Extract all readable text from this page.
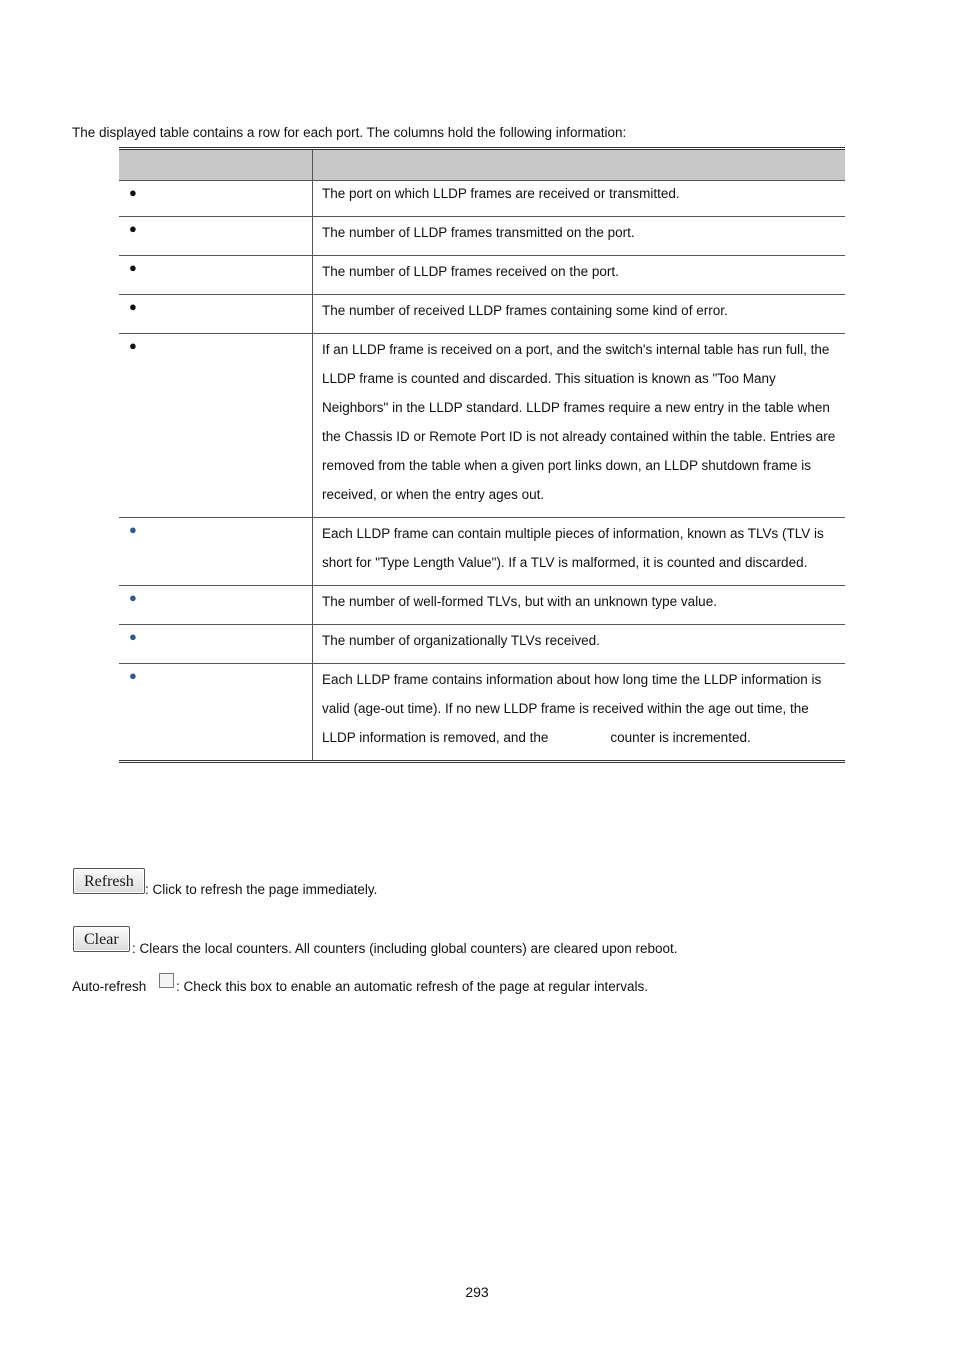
The displayed table contains a row for each port. The columns hold the following information:

●	The port on which LLDP frames are received or transmitted.

●	The number of LLDP frames transmitted on the port.

●	The number of LLDP frames received on the port.

●	The number of received LLDP frames containing some kind of error.

●	If an LLDP frame is received on a port, and the switch's internal table has run full, the LLDP frame is counted and discarded. This situation is known as "Too Many Neighbors" in the LLDP standard. LLDP frames require a new entry in the table when the Chassis ID or Remote Port ID is not already contained within the table. Entries are removed from the table when a given port links down, an LLDP shutdown frame is received, or when the entry ages out.

●	Each LLDP frame can contain multiple pieces of information, known as TLVs (TLV is short for "Type Length Value"). If a TLV is malformed, it is counted and discarded.

●	The number of well-formed TLVs, but with an unknown type value.

●	The number of organizationally TLVs received.

●	Each LLDP frame contains information about how long time the LLDP information is valid (age-out time). If no new LLDP frame is received within the age out time, the LLDP information is removed, and the counter is incremented.
Refresh : Click to refresh the page immediately.
Clear
: Clears the local counters. All counters (including global counters) are cleared upon reboot.
Auto-refresh : Check this box to enable an automatic refresh of the page at regular intervals.
293
